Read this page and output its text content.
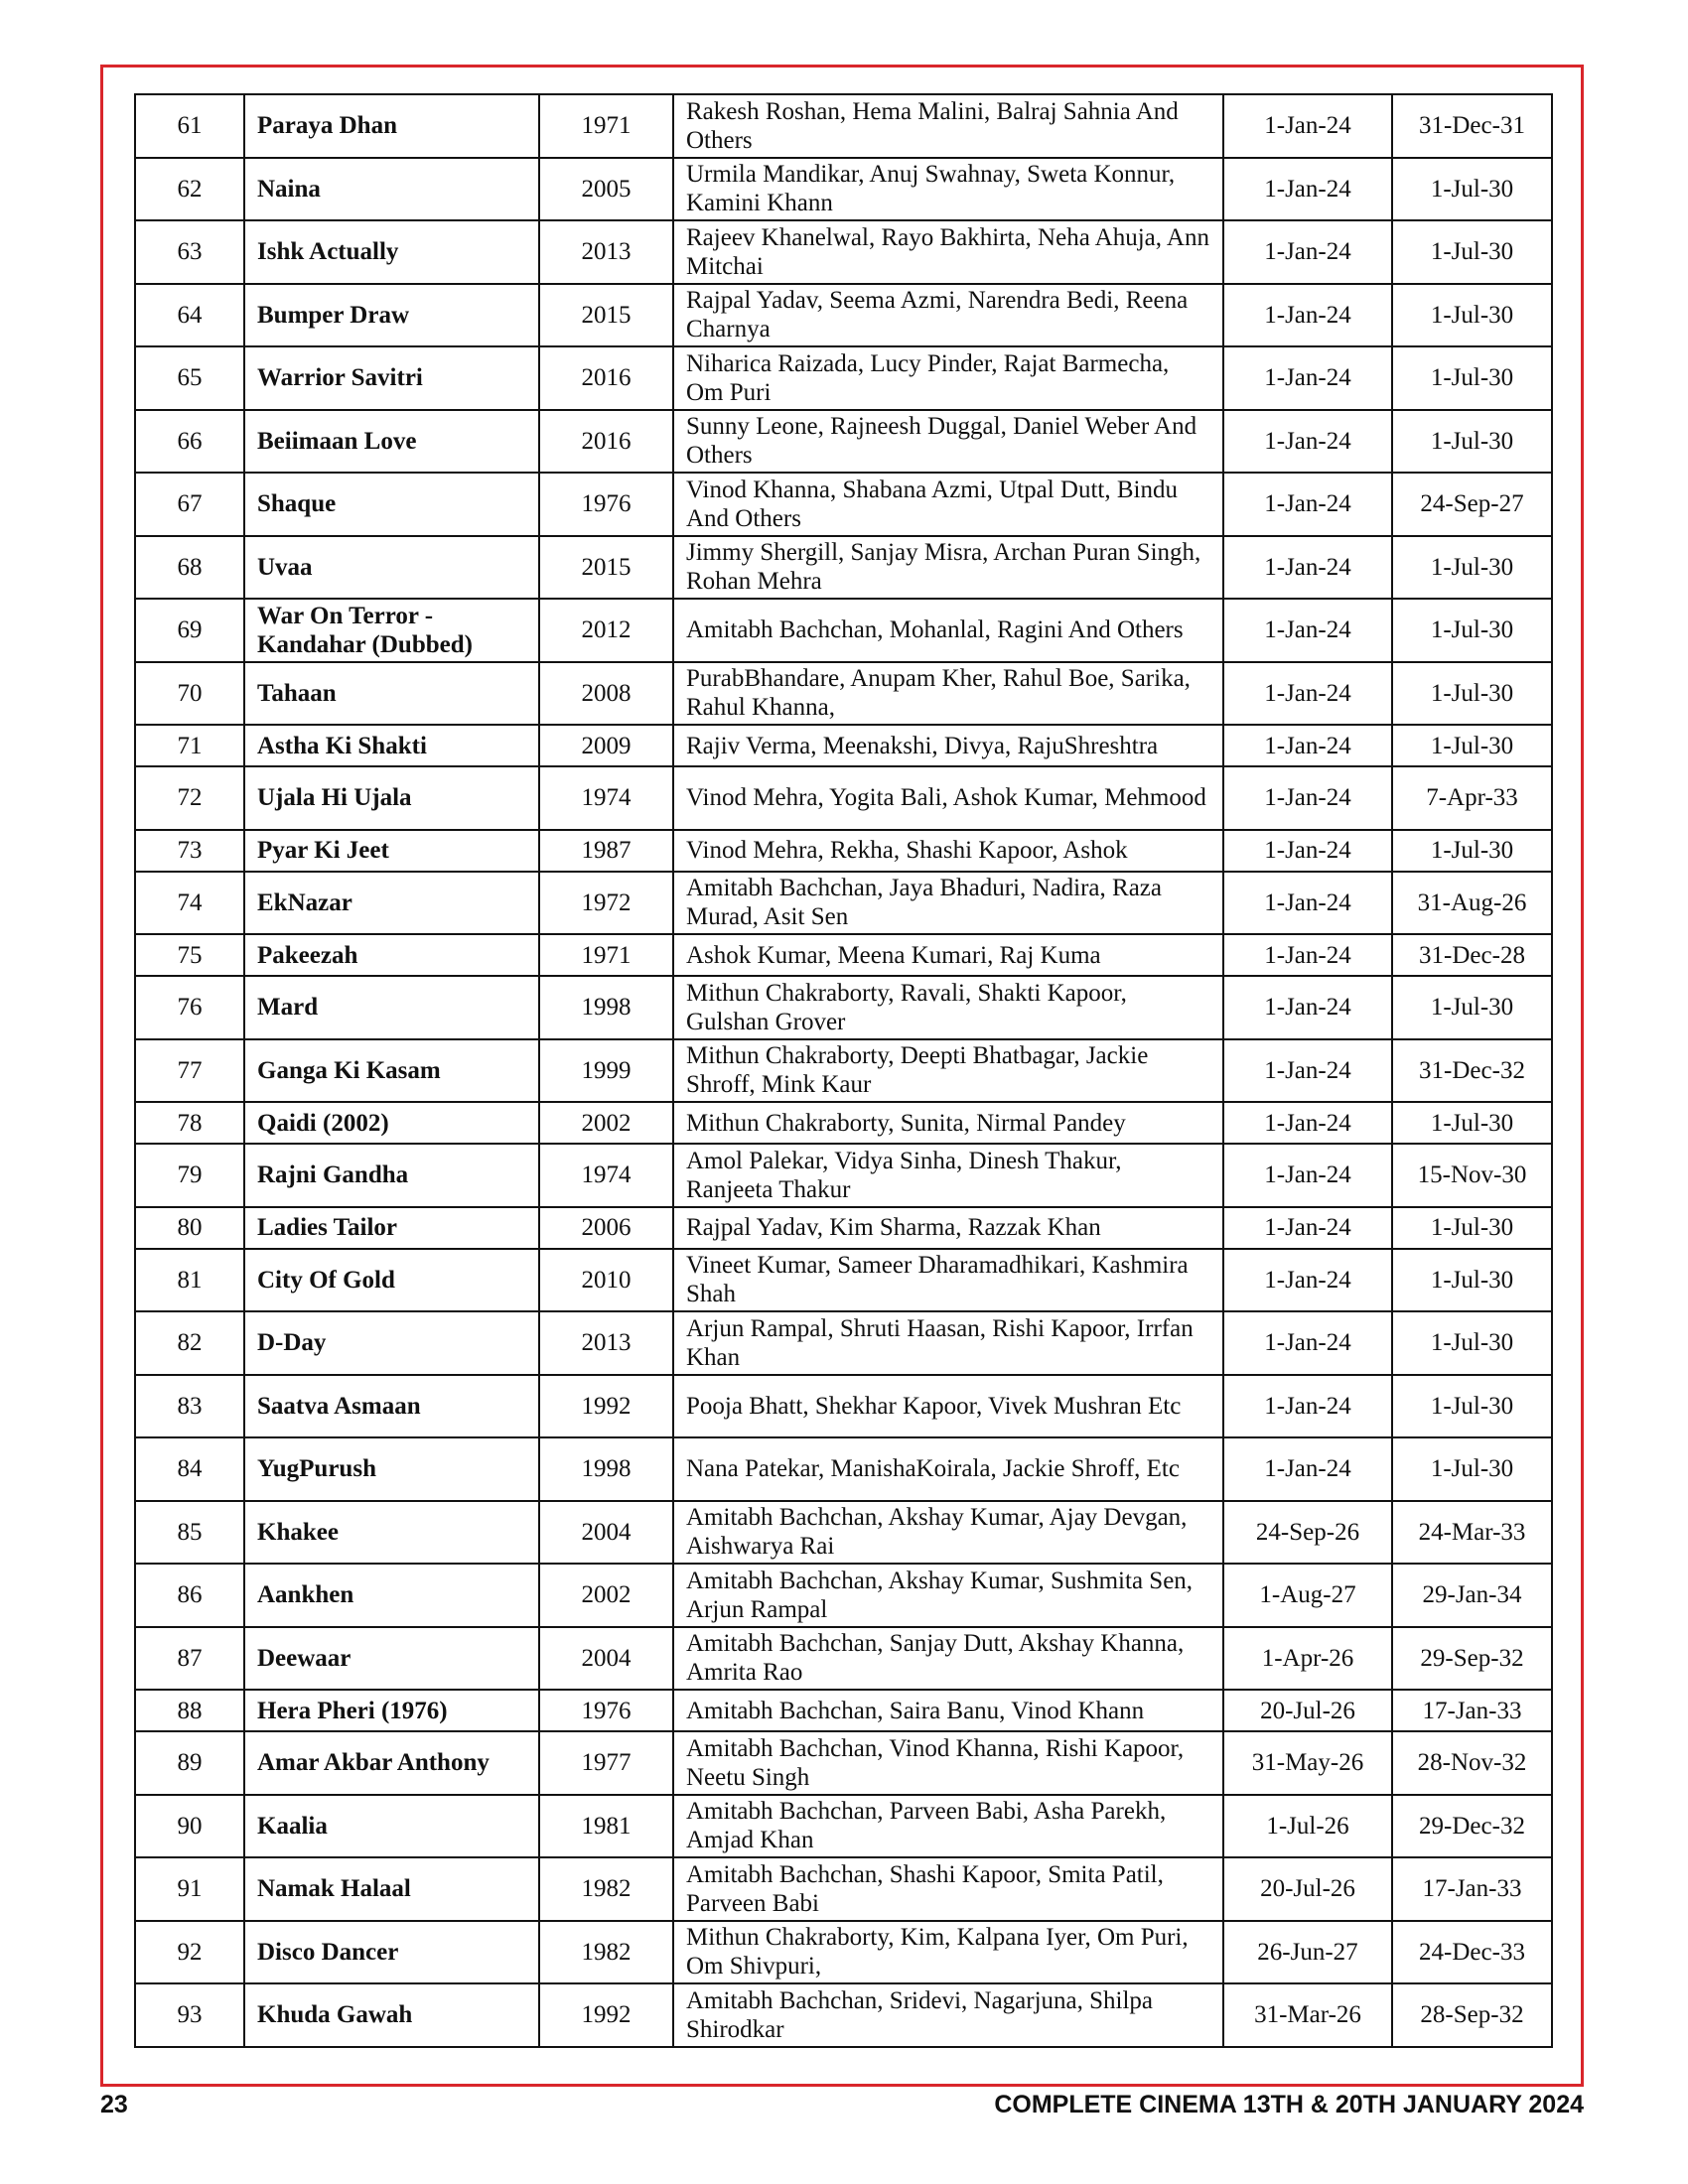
61	Paraya Dhan	1971	Rakesh Roshan, Hema Malini, Balraj Sahnia And Others	1-Jan-24	31-Dec-31
62	Naina	2005	Urmila Mandikar, Anuj Swahnay, Sweta Konnur, Kamini Khann	1-Jan-24	1-Jul-30
63	Ishk Actually	2013	Rajeev Khanelwal, Rayo Bakhirta, Neha Ahuja, Ann Mitchai	1-Jan-24	1-Jul-30
64	Bumper Draw	2015	Rajpal Yadav, Seema Azmi, Narendra Bedi, Reena Charnya	1-Jan-24	1-Jul-30
65	Warrior Savitri	2016	Niharica Raizada, Lucy Pinder, Rajat Barmecha, Om Puri	1-Jan-24	1-Jul-30
66	Beiimaan Love	2016	Sunny Leone, Rajneesh Duggal, Daniel Weber And Others	1-Jan-24	1-Jul-30
67	Shaque	1976	Vinod Khanna, Shabana Azmi, Utpal Dutt, Bindu And Others	1-Jan-24	24-Sep-27
68	Uvaa	2015	Jimmy Shergill, Sanjay Misra, Archan Puran Singh, Rohan Mehra	1-Jan-24	1-Jul-30
69	War On Terror - Kandahar (Dubbed)	2012	Amitabh Bachchan, Mohanlal, Ragini And Others	1-Jan-24	1-Jul-30
70	Tahaan	2008	PurabBhandare, Anupam Kher, Rahul Boe, Sarika, Rahul Khanna,	1-Jan-24	1-Jul-30
71	Astha Ki Shakti	2009	Rajiv Verma, Meenakshi, Divya, RajuShreshtra	1-Jan-24	1-Jul-30
72	Ujala Hi Ujala	1974	Vinod Mehra, Yogita Bali, Ashok Kumar, Mehmood	1-Jan-24	7-Apr-33
73	Pyar Ki Jeet	1987	Vinod Mehra, Rekha, Shashi Kapoor, Ashok	1-Jan-24	1-Jul-30
74	EkNazar	1972	Amitabh Bachchan, Jaya Bhaduri, Nadira, Raza Murad, Asit Sen	1-Jan-24	31-Aug-26
75	Pakeezah	1971	Ashok Kumar, Meena Kumari, Raj Kuma	1-Jan-24	31-Dec-28
76	Mard	1998	Mithun Chakraborty, Ravali, Shakti Kapoor, Gulshan Grover	1-Jan-24	1-Jul-30
77	Ganga Ki Kasam	1999	Mithun Chakraborty, Deepti Bhatbagar, Jackie Shroff, Mink Kaur	1-Jan-24	31-Dec-32
78	Qaidi (2002)	2002	Mithun Chakraborty, Sunita, Nirmal Pandey	1-Jan-24	1-Jul-30
79	Rajni Gandha	1974	Amol Palekar, Vidya Sinha, Dinesh Thakur, Ranjeeta Thakur	1-Jan-24	15-Nov-30
80	Ladies Tailor	2006	Rajpal Yadav, Kim Sharma, Razzak Khan	1-Jan-24	1-Jul-30
81	City Of Gold	2010	Vineet Kumar, Sameer Dharamadhikari, Kashmira Shah	1-Jan-24	1-Jul-30
82	D-Day	2013	Arjun Rampal, Shruti Haasan, Rishi Kapoor, Irrfan Khan	1-Jan-24	1-Jul-30
83	Saatva Asmaan	1992	Pooja Bhatt, Shekhar Kapoor, Vivek Mushran Etc	1-Jan-24	1-Jul-30
84	YugPurush	1998	Nana Patekar, ManishaKoirala, Jackie Shroff, Etc	1-Jan-24	1-Jul-30
85	Khakee	2004	Amitabh Bachchan, Akshay Kumar, Ajay Devgan, Aishwarya Rai	24-Sep-26	24-Mar-33
86	Aankhen	2002	Amitabh Bachchan, Akshay Kumar, Sushmita Sen, Arjun Rampal	1-Aug-27	29-Jan-34
87	Deewaar	2004	Amitabh Bachchan, Sanjay Dutt, Akshay Khanna, Amrita Rao	1-Apr-26	29-Sep-32
88	Hera Pheri (1976)	1976	Amitabh Bachchan, Saira Banu, Vinod Khann	20-Jul-26	17-Jan-33
89	Amar Akbar Anthony	1977	Amitabh Bachchan, Vinod Khanna, Rishi Kapoor, Neetu Singh	31-May-26	28-Nov-32
90	Kaalia	1981	Amitabh Bachchan, Parveen Babi, Asha Parekh, Amjad Khan	1-Jul-26	29-Dec-32
91	Namak Halaal	1982	Amitabh Bachchan, Shashi Kapoor, Smita Patil, Parveen Babi	20-Jul-26	17-Jan-33
92	Disco Dancer	1982	Mithun Chakraborty, Kim, Kalpana Iyer, Om Puri, Om Shivpuri,	26-Jun-27	24-Dec-33
93	Khuda Gawah	1992	Amitabh Bachchan, Sridevi, Nagarjuna, Shilpa Shirodkar	31-Mar-26	28-Sep-32
23	COMPLETE CINEMA 13TH & 20TH JANUARY 2024
